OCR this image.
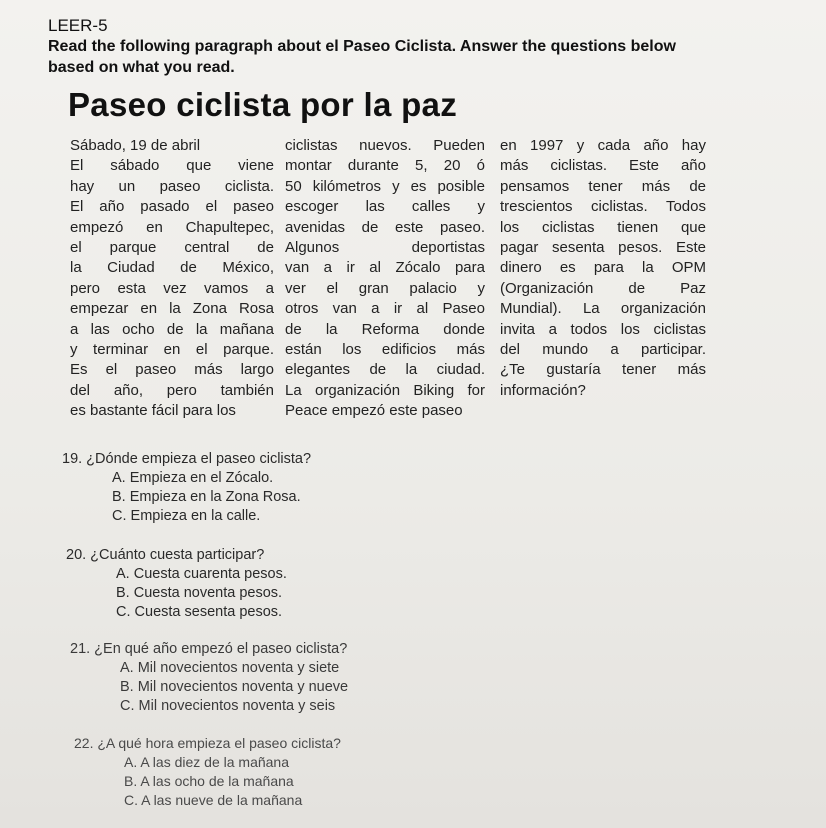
LEER-5
Read the following paragraph about el Paseo Ciclista. Answer the questions below
based on what you read.
Paseo ciclista por la paz
Sábado, 19 de abril
El sábado que viene
hay un paseo ciclista.
El año pasado el paseo
empezó en Chapultepec,
el parque central de
la Ciudad de México,
pero esta vez vamos a
empezar en la Zona Rosa
a las ocho de la mañana
y terminar en el parque.
Es el paseo más largo
del año, pero también
es bastante fácil para los
ciclistas nuevos. Pueden
montar durante 5, 20 ó
50 kilómetros y es posible
escoger las calles y
avenidas de este paseo.
Algunos deportistas
van a ir al Zócalo para
ver el gran palacio y
otros van a ir al Paseo
de la Reforma donde
están los edificios más
elegantes de la ciudad.
La organización Biking for
Peace empezó este paseo
en 1997 y cada año hay
más ciclistas. Este año
pensamos tener más de
trescientos ciclistas. Todos
los ciclistas tienen que
pagar sesenta pesos. Este
dinero es para la OPM
(Organización de Paz
Mundial). La organización
invita a todos los ciclistas
del mundo a participar.
¿Te gustaría tener más
información?
19. ¿Dónde empieza el paseo ciclista?
A. Empieza en el Zócalo.
B. Empieza en la Zona Rosa.
C. Empieza en la calle.
20. ¿Cuánto cuesta participar?
A. Cuesta cuarenta pesos.
B. Cuesta noventa pesos.
C. Cuesta sesenta pesos.
21. ¿En qué año empezó el paseo ciclista?
A. Mil novecientos noventa y siete
B. Mil novecientos noventa y nueve
C. Mil novecientos noventa y seis
22. ¿A qué hora empieza el paseo ciclista?
A. A las diez de la mañana
B. A las ocho de la mañana
C. A las nueve de la mañana
